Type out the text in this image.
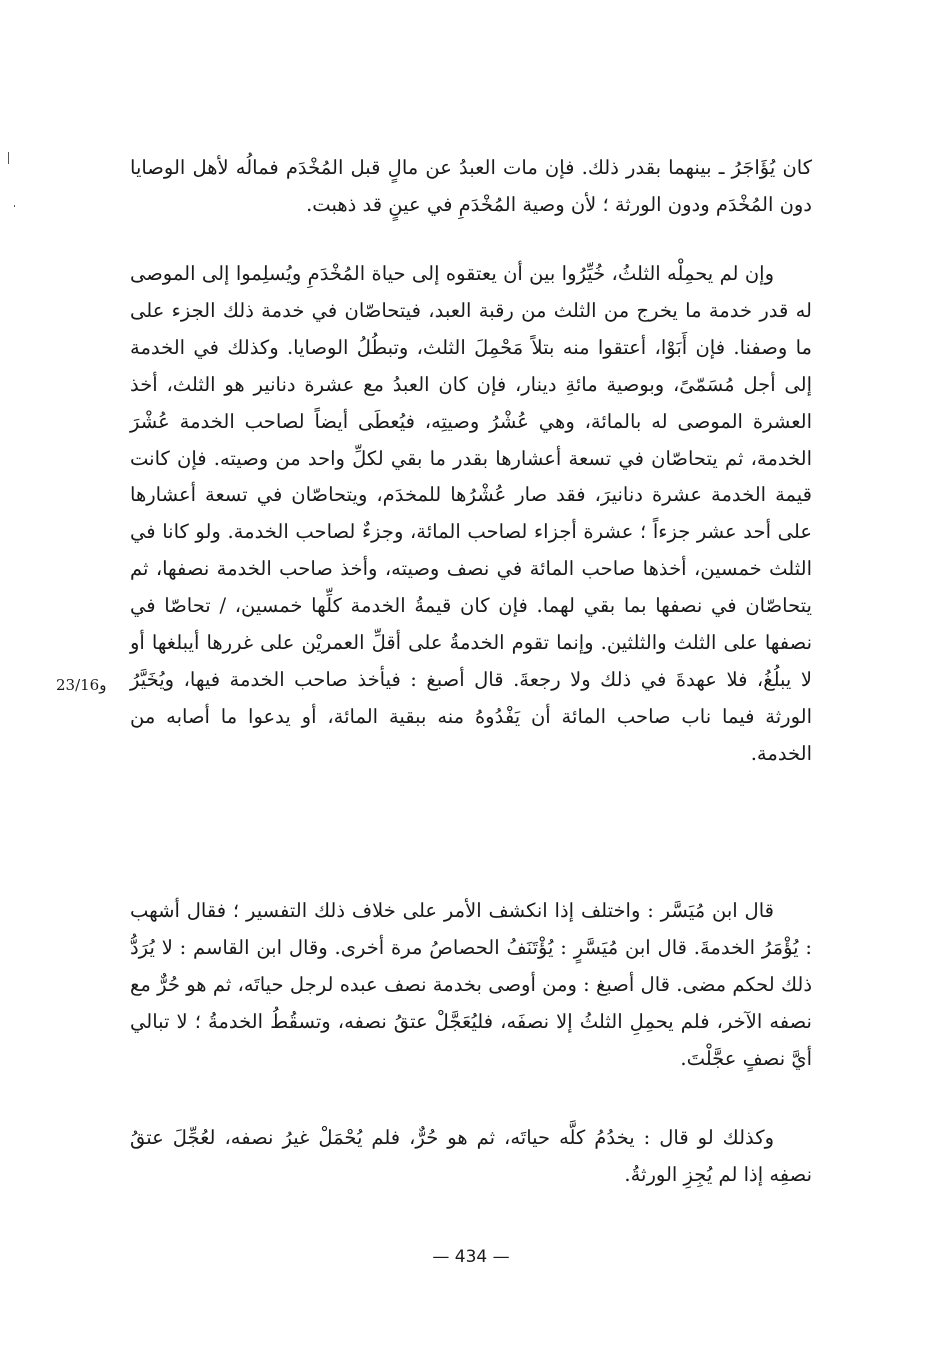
كان يُؤَاجَرُ ـ بينهما بقدر ذلك. فإن مات العبدُ عن مالٍ قبل المُخْدَم فمالُه لأهل الوصايا دون المُخْدَم ودون الورثة ؛ لأن وصية المُخْدَمِ في عينٍ قد ذهبت.

وإن لم يحمِلْه الثلثُ، خُيِّرُوا بين أن يعتقوه إلى حياة المُخْدَمِ ويُسلِموا إلى الموصى له قدر خدمة ما يخرج من الثلث من رقبة العبد، فيتحاصّان في خدمة ذلك الجزء على ما وصفنا. فإن أَبَوْا، أعتقوا منه بتلاً مَحْمِلَ الثلث، وتبطُلُ الوصايا. وكذلك في الخدمة إلى أجل مُسَمّىً، وبوصية مائةِ دينار، فإن كان العبدُ مع عشرة دنانير هو الثلث، أخذ العشرة الموصى له بالمائة، وهي عُشْرُ وصيتِه، فيُعطَى أيضاً لصاحب الخدمة عُشْرَ الخدمة، ثم يتحاصّان في تسعة أعشارها بقدر ما بقي لكلِّ واحد من وصيته. فإن كانت قيمة الخدمة عشرة دنانيرَ، فقد صار عُشْرُها للمخدَم، ويتحاصّان في تسعة أعشارها على أحد عشر جزءاً ؛ عشرة أجزاء لصاحب المائة، وجزءٌ لصاحب الخدمة. ولو كانا في الثلث خمسين، أخذها صاحب المائة في نصف وصيته، وأخذ صاحب الخدمة نصفها، ثم يتحاصّان في نصفها بما بقي لهما. فإن كان قيمةُ الخدمة كلِّها خمسين، / تحاصّا في نصفها على الثلث والثلثين. وإنما تقوم الخدمةُ على أقلِّ العمريْن على غررها أيبلغها أو لا يبلُغُ، فلا عهدةَ في ذلك ولا رجعةَ. قال أصبغ : فيأخذ صاحب الخدمة فيها، ويُخَيَّرُ الورثة فيما ناب صاحب المائة أن يَفْدُوهُ منه ببقية المائة، أو يدعوا ما أصابه من الخدمة.

قال ابن مُيَسَّر : واختلف إذا انكشف الأمر على خلاف ذلك التفسير ؛ فقال أشهب : يُؤْمَرُ الخدمةَ. قال ابن مُيَسَّرٍ : يُؤْتَنَفُ الحصاصُ مرة أخرى. وقال ابن القاسم : لا يُرَدُّ ذلك لحكم مضى. قال أصبغ : ومن أوصى بخدمة نصف عبده لرجل حياتَه، ثم هو حُرٌّ مع نصفه الآخر، فلم يحمِلِ الثلثُ إلا نصفَه، فليُعَجَّلْ عتقُ نصفه، وتسقُطُ الخدمةُ ؛ لا تبالي أيَّ نصفٍ عجَّلْتَ.

وكذلك لو قال : يخدُمُ كلَّه حياتَه، ثم هو حُرٌّ، فلم يُحْمَلْ غيرُ نصفه، لعُجِّلَ عتقُ نصفِه إذا لم يُجِزِ الورثةُ.

23/16و
— 434 —
